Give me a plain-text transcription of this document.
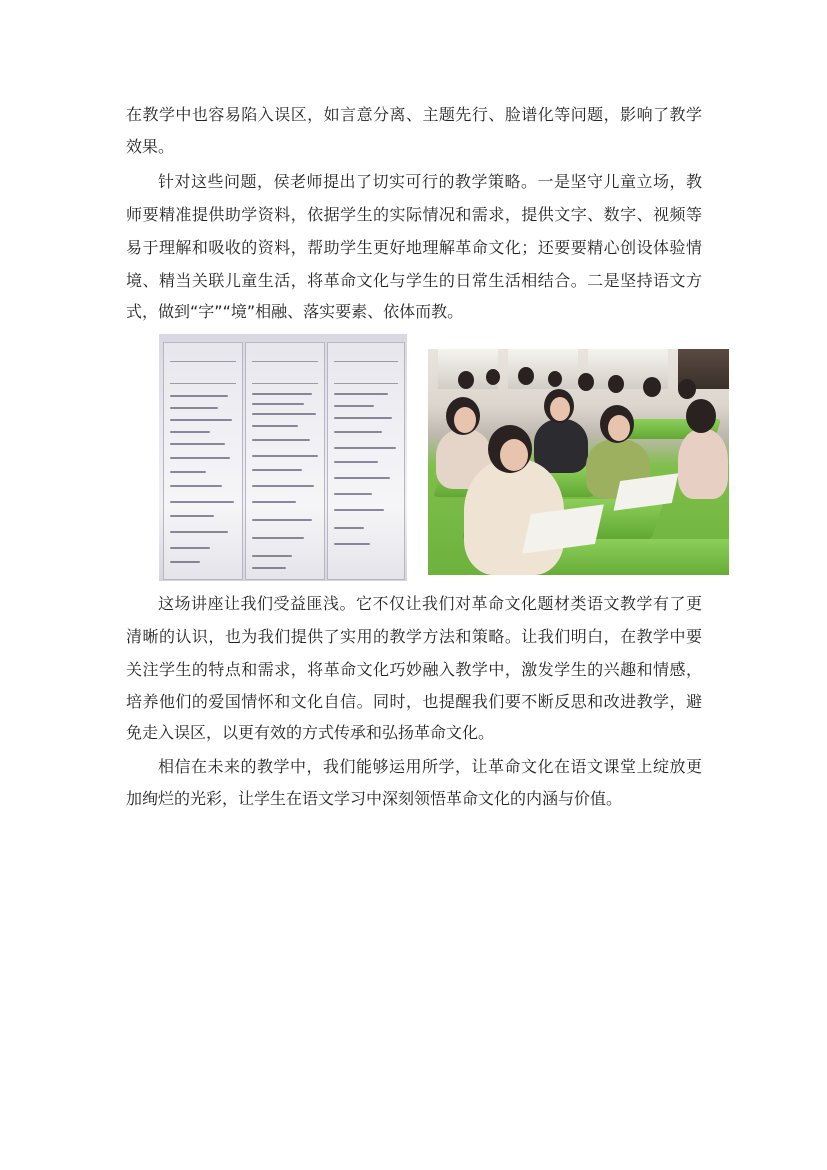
在教学中也容易陷入误区，如言意分离、主题先行、脸谱化等问题，影响了教学
效果。
针对这些问题，侯老师提出了切实可行的教学策略。一是坚守儿童立场，教
师要精准提供助学资料，依据学生的实际情况和需求，提供文字、数字、视频等
易于理解和吸收的资料，帮助学生更好地理解革命文化；还要要精心创设体验情
境、精当关联儿童生活，将革命文化与学生的日常生活相结合。二是坚持语文方
式，做到“字”“境”相融、落实要素、依体而教。
这场讲座让我们受益匪浅。它不仅让我们对革命文化题材类语文教学有了更
清晰的认识，也为我们提供了实用的教学方法和策略。让我们明白，在教学中要
关注学生的特点和需求，将革命文化巧妙融入教学中，激发学生的兴趣和情感，
培养他们的爱国情怀和文化自信。同时，也提醒我们要不断反思和改进教学，避
免走入误区，以更有效的方式传承和弘扬革命文化。
相信在未来的教学中，我们能够运用所学，让革命文化在语文课堂上绽放更
加绚烂的光彩，让学生在语文学习中深刻领悟革命文化的内涵与价值。
